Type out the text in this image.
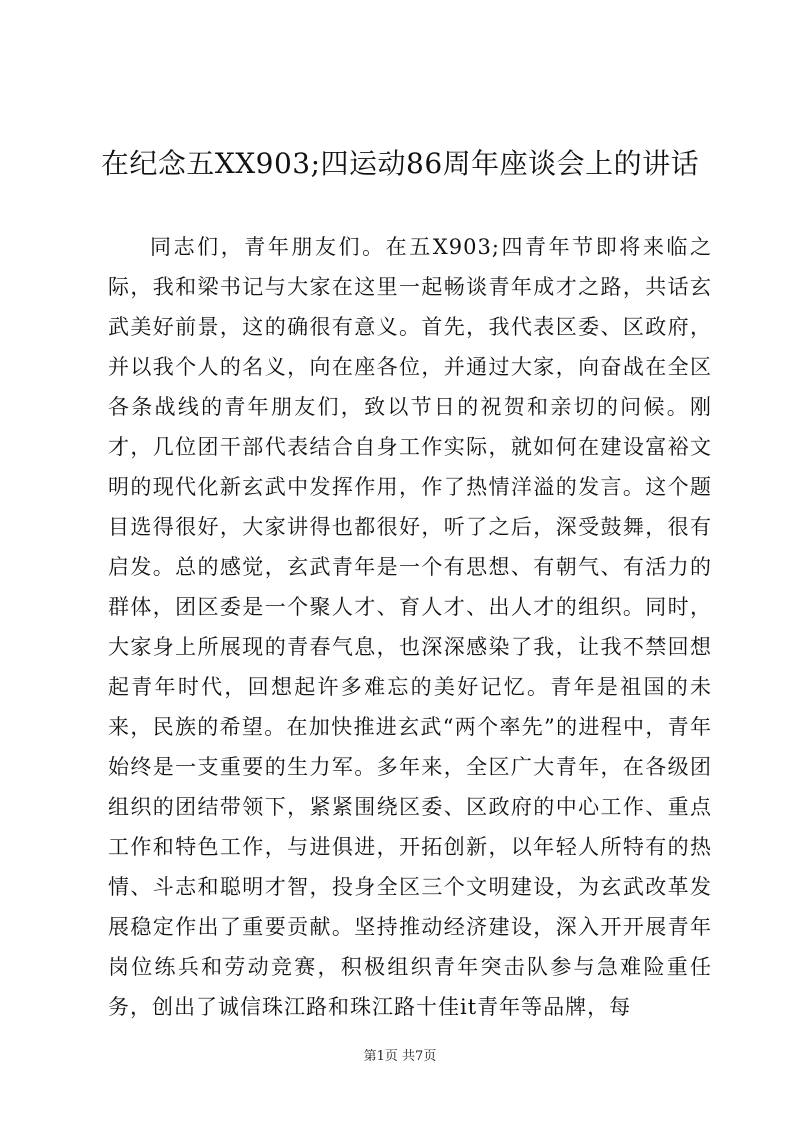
在纪念五XX903;四运动86周年座谈会上的讲话

同志们，青年朋友们。在五X903;四青年节即将来临之际，我和梁书记与大家在这里一起畅谈青年成才之路，共话玄武美好前景，这的确很有意义。首先，我代表区委、区政府，并以我个人的名义，向在座各位，并通过大家，向奋战在全区各条战线的青年朋友们，致以节日的祝贺和亲切的问候。刚才，几位团干部代表结合自身工作实际，就如何在建设富裕文明的现代化新玄武中发挥作用，作了热情洋溢的发言。这个题目选得很好，大家讲得也都很好，听了之后，深受鼓舞，很有启发。总的感觉，玄武青年是一个有思想、有朝气、有活力的群体，团区委是一个聚人才、育人才、出人才的组织。同时，大家身上所展现的青春气息，也深深感染了我，让我不禁回想起青年时代，回想起许多难忘的美好记忆。青年是祖国的未来，民族的希望。在加快推进玄武“两个率先”的进程中，青年始终是一支重要的生力军。多年来，全区广大青年，在各级团组织的团结带领下，紧紧围绕区委、区政府的中心工作、重点工作和特色工作，与进俱进，开拓创新，以年轻人所特有的热情、斗志和聪明才智，投身全区三个文明建设，为玄武改革发展稳定作出了重要贡献。坚持推动经济建设，深入开开展青年岗位练兵和劳动竞赛，积极组织青年突击队参与急难险重任务，创出了诚信珠江路和珠江路十佳it青年等品牌，每

第1页 共7页
